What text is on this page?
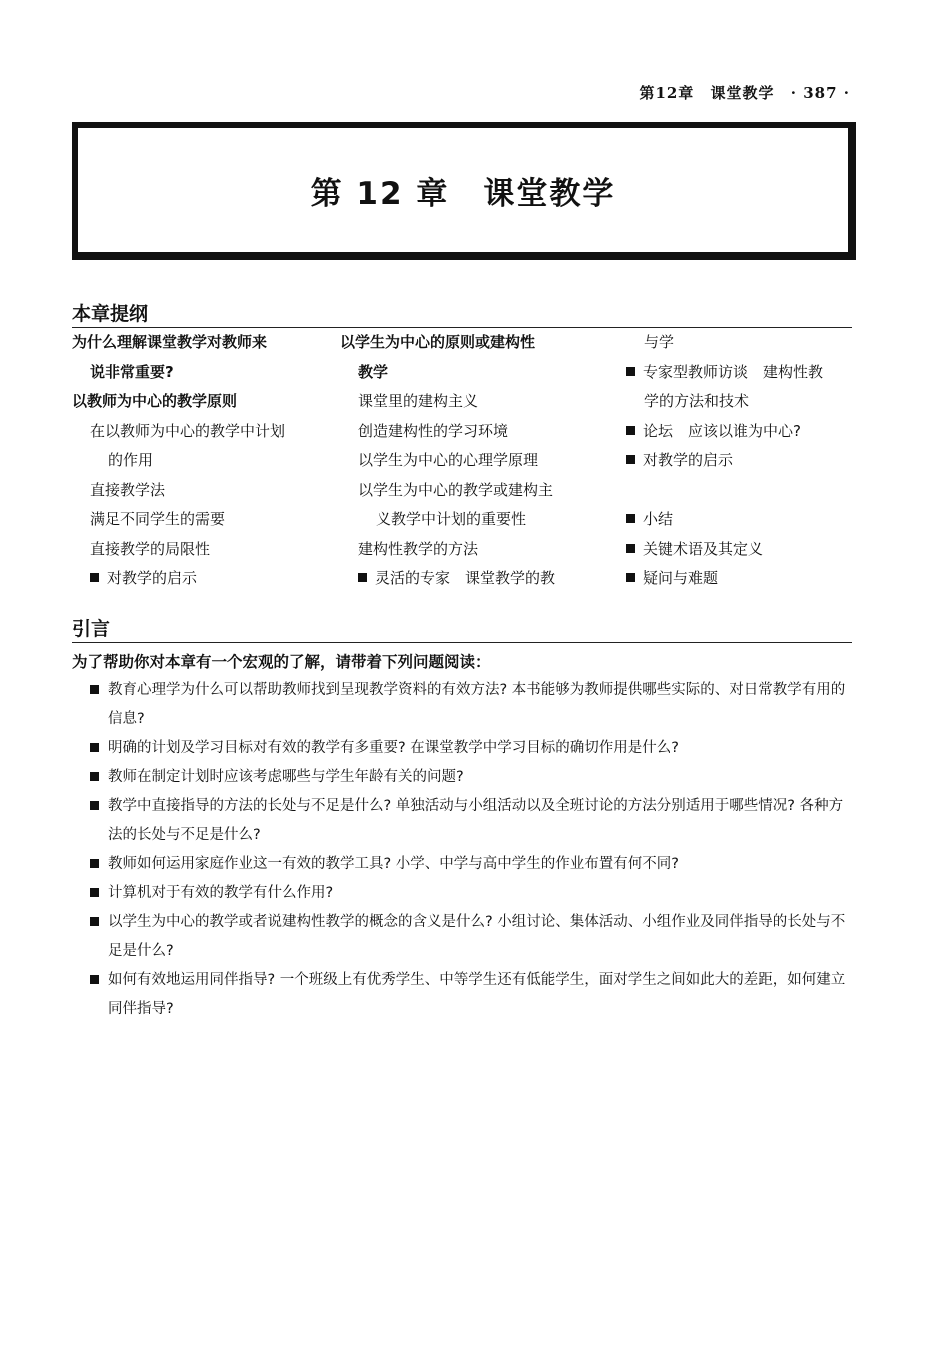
第12章 课堂教学 · 387 ·
第 12 章 课堂教学
本章提纲
为什么理解课堂教学对教师来
说非常重要?
以教师为中心的教学原则
在以教师为中心的教学中计划
的作用
直接教学法
满足不同学生的需要
直接教学的局限性
对教学的启示
以学生为中心的原则或建构性
教学
课堂里的建构主义
创造建构性的学习环境
以学生为中心的心理学原理
以学生为中心的教学或建构主
义教学中计划的重要性
建构性教学的方法
灵活的专家　课堂教学的教
与学
专家型教师访谈　建构性教
学的方法和技术
论坛　应该以谁为中心?
对教学的启示
小结
关键术语及其定义
疑问与难题
引言
为了帮助你对本章有一个宏观的了解，请带着下列问题阅读：
教育心理学为什么可以帮助教师找到呈现教学资料的有效方法? 本书能够为教师提供哪些实际的、对日常教学有用的信息?
明确的计划及学习目标对有效的教学有多重要? 在课堂教学中学习目标的确切作用是什么?
教师在制定计划时应该考虑哪些与学生年龄有关的问题?
教学中直接指导的方法的长处与不足是什么? 单独活动与小组活动以及全班讨论的方法分别适用于哪些情况? 各种方法的长处与不足是什么?
教师如何运用家庭作业这一有效的教学工具? 小学、中学与高中学生的作业布置有何不同?
计算机对于有效的教学有什么作用?
以学生为中心的教学或者说建构性教学的概念的含义是什么? 小组讨论、集体活动、小组作业及同伴指导的长处与不足是什么?
如何有效地运用同伴指导? 一个班级上有优秀学生、中等学生还有低能学生，面对学生之间如此大的差距，如何建立同伴指导?
